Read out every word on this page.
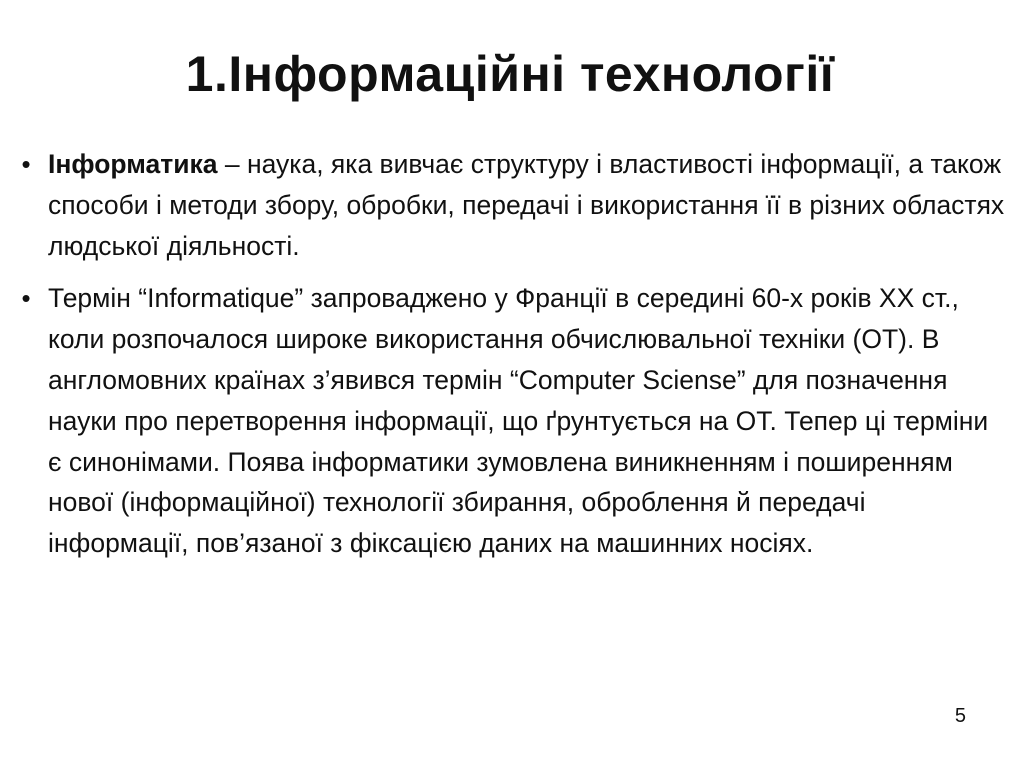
1.Інформаційні технології
• Інформатика – наука, яка вивчає структуру і властивості інформації, а також способи і методи збору, обробки, передачі і використання її в різних областях людської діяльності.
• Термін “Informatique” запроваджено у Франції в середині 60-х років XX ст., коли розпочалося широке використання обчислювальної техніки (ОТ). В англомовних країнах з’явився термін “Computer Sciense” для позначення науки про перетворення інформації, що ґрунтується на ОТ. Тепер ці терміни є синонімами. Поява інформатики зумовлена виникненням і поширенням нової (інформаційної) технології збирання, оброблення й передачі інформації, пов’язаної з фіксацією даних на машинних носіях.
5
